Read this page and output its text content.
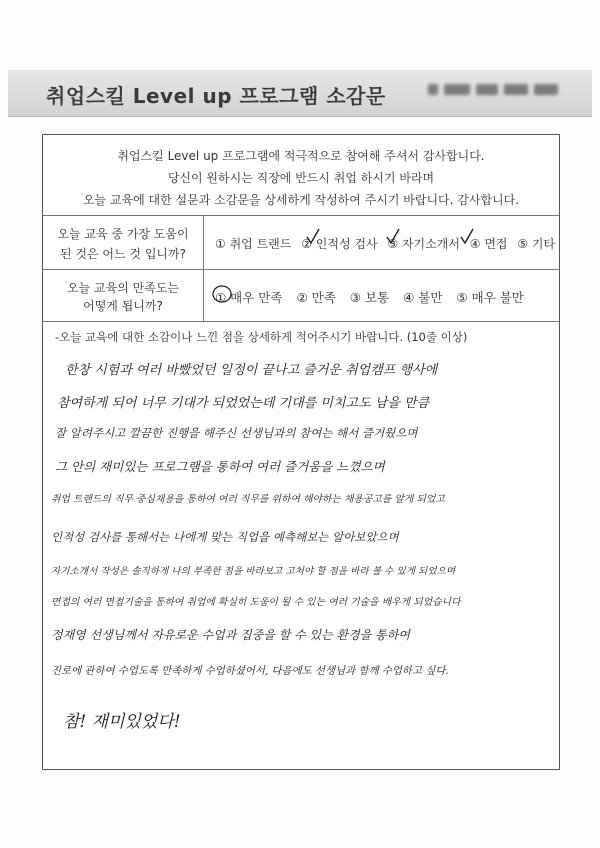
취업스킬 Level up 프로그램 소감문

취업스킬 Level up 프로그램에 적극적으로 참여해 주셔서 감사합니다.

당신이 원하시는 직장에 반드시 취업 하시기 바라며

오늘 교육에 대한 설문과 소감문을 상세하게 작성하여 주시기 바랍니다. 감사합니다.

오늘 교육 중 가장 도움이

된 것은 어느 것 입니까?

① 취업 트랜드 ② 인적성 검사 ③ 자기소개서 ④ 면접 ⑤ 기타

오늘 교육의 만족도는

어떻게 됩니까?

① 매우 만족 ② 만족 ③ 보통 ④ 불만 ⑤ 매우 불만
-오늘 교육에 대한 소감이나 느낀 점을 상세하게 적어주시기 바랍니다. (10줄 이상)
한창 시험과 여러 바빴었던 일정이 끝나고 즐거운 취업캠프 행사에
참여하게 되어 너무 기대가 되었었는데 기대를 미치고도 남을 만큼
잘 알려주시고 깔끔한 진행을 해주신 선생님과의 참여는 해서 즐거웠으며
그 안의 재미있는 프로그램을 통하여 여러 즐거움을 느꼈으며
취업 트랜드의 직무 중심채용을 통하여 여러 직무를 위하여 해야하는 채용공고를 알게 되었고
인적성 검사를 통해서는 나에게 맞는 직업을 예측해보는 알아보았으며
자기소개서 작성은 솔직하게 나의 부족한 점을 바라보고 고쳐야 할 점을 바라 볼 수 있게 되었으며
면접의 여러 면접기술을 통하여 취업에 확실히 도움이 될 수 있는 여러 기술을 배우게 되었습니다
정재영 선생님께서 자유로운 수업과 집중을 할 수 있는 환경을 통하여
진로에 관하여 수업도록 만족하게 수업하셨어서, 다음에도 선생님과 함께 수업하고 싶다.
참! 재미있었다!
